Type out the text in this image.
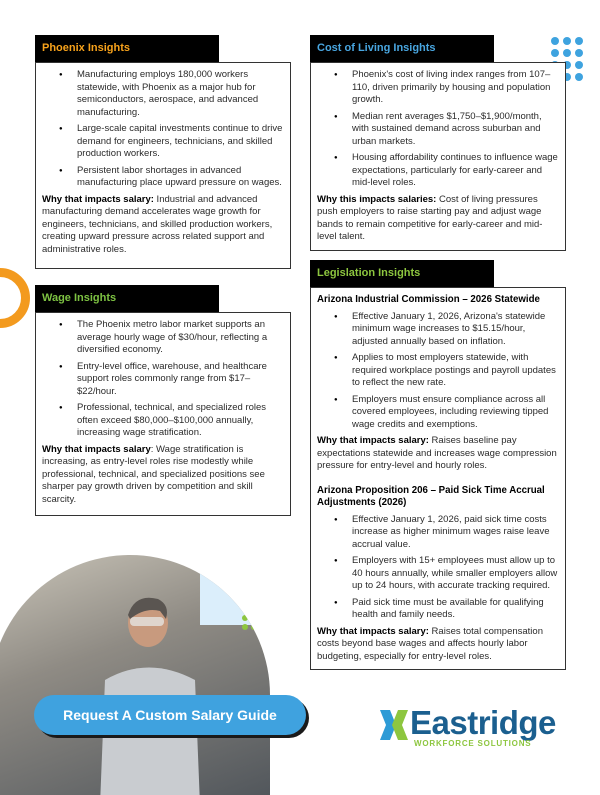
Phoenix Insights
● Manufacturing employs 180,000 workers statewide, with Phoenix as a major hub for semiconductors, aerospace, and advanced manufacturing.
● Large-scale capital investments continue to drive demand for engineers, technicians, and skilled production workers.
● Persistent labor shortages in advanced manufacturing place upward pressure on wages.

Why that impacts salary: Industrial and advanced manufacturing demand accelerates wage growth for engineers, technicians, and skilled production workers, creating upward pressure across related support and administrative roles.

Cost of Living Insights
● Phoenix's cost of living index ranges from 107–110, driven primarily by housing and population growth.
● Median rent averages $1,750–$1,900/month, with sustained demand across suburban and urban markets.
● Housing affordability continues to influence wage expectations, particularly for early-career and mid-level roles.

Why this impacts salaries: Cost of living pressures push employers to raise starting pay and adjust wage bands to remain competitive for early-career and mid-level talent.

Wage Insights
● The Phoenix metro labor market supports an average hourly wage of $30/hour, reflecting a diversified economy.
● Entry-level office, warehouse, and healthcare support roles commonly range from $17–$22/hour.
● Professional, technical, and specialized roles often exceed $80,000–$100,000 annually, increasing wage stratification.

Why that impacts salary: Wage stratification is increasing, as entry-level roles rise modestly while professional, technical, and specialized positions see sharper pay growth driven by competition and skill scarcity.

Legislation Insights
Arizona Industrial Commission – 2026 Statewide
● Effective January 1, 2026, Arizona's statewide minimum wage increases to $15.15/hour, adjusted annually based on inflation.
● Applies to most employers statewide, with required workplace postings and payroll updates to reflect the new rate.
● Employers must ensure compliance across all covered employees, including reviewing tipped wage credits and exemptions.

Why that impacts salary: Raises baseline pay expectations statewide and increases wage compression pressure for entry-level and hourly roles.

Arizona Proposition 206 – Paid Sick Time Accrual Adjustments (2026)
● Effective January 1, 2026, paid sick time costs increase as higher minimum wages raise leave accrual value.
● Employers with 15+ employees must allow up to 40 hours annually, while smaller employers allow up to 24 hours, with accurate tracking required.
● Paid sick time must be available for qualifying health and family needs.

Why that impacts salary: Raises total compensation costs beyond base wages and affects hourly labor budgeting, especially for entry-level roles.

Request A Custom Salary Guide	Eastridge
WORKFORCE SOLUTIONS
